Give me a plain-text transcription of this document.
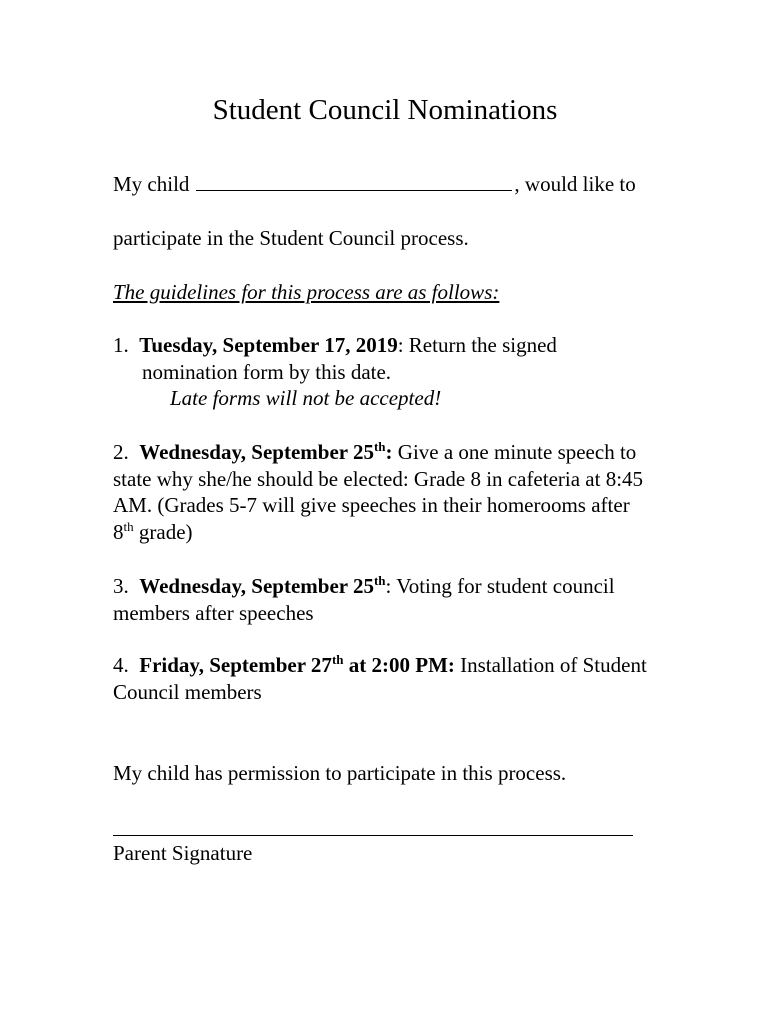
Student Council Nominations
My child	, would like to
participate in the Student Council process.
The guidelines for this process are as follows:
1. Tuesday, September 17, 2019: Return the signed
nomination form by this date.
Late forms will not be accepted!
2. Wednesday, September 25th: Give a one minute speech to state why she/he should be elected: Grade 8 in cafeteria at 8:45 AM. (Grades 5-7 will give speeches in their homerooms after 8th grade)
3. Wednesday, September 25th: Voting for student council members after speeches
4. Friday, September 27th at 2:00 PM: Installation of Student Council members
My child has permission to participate in this process.
Parent Signature
